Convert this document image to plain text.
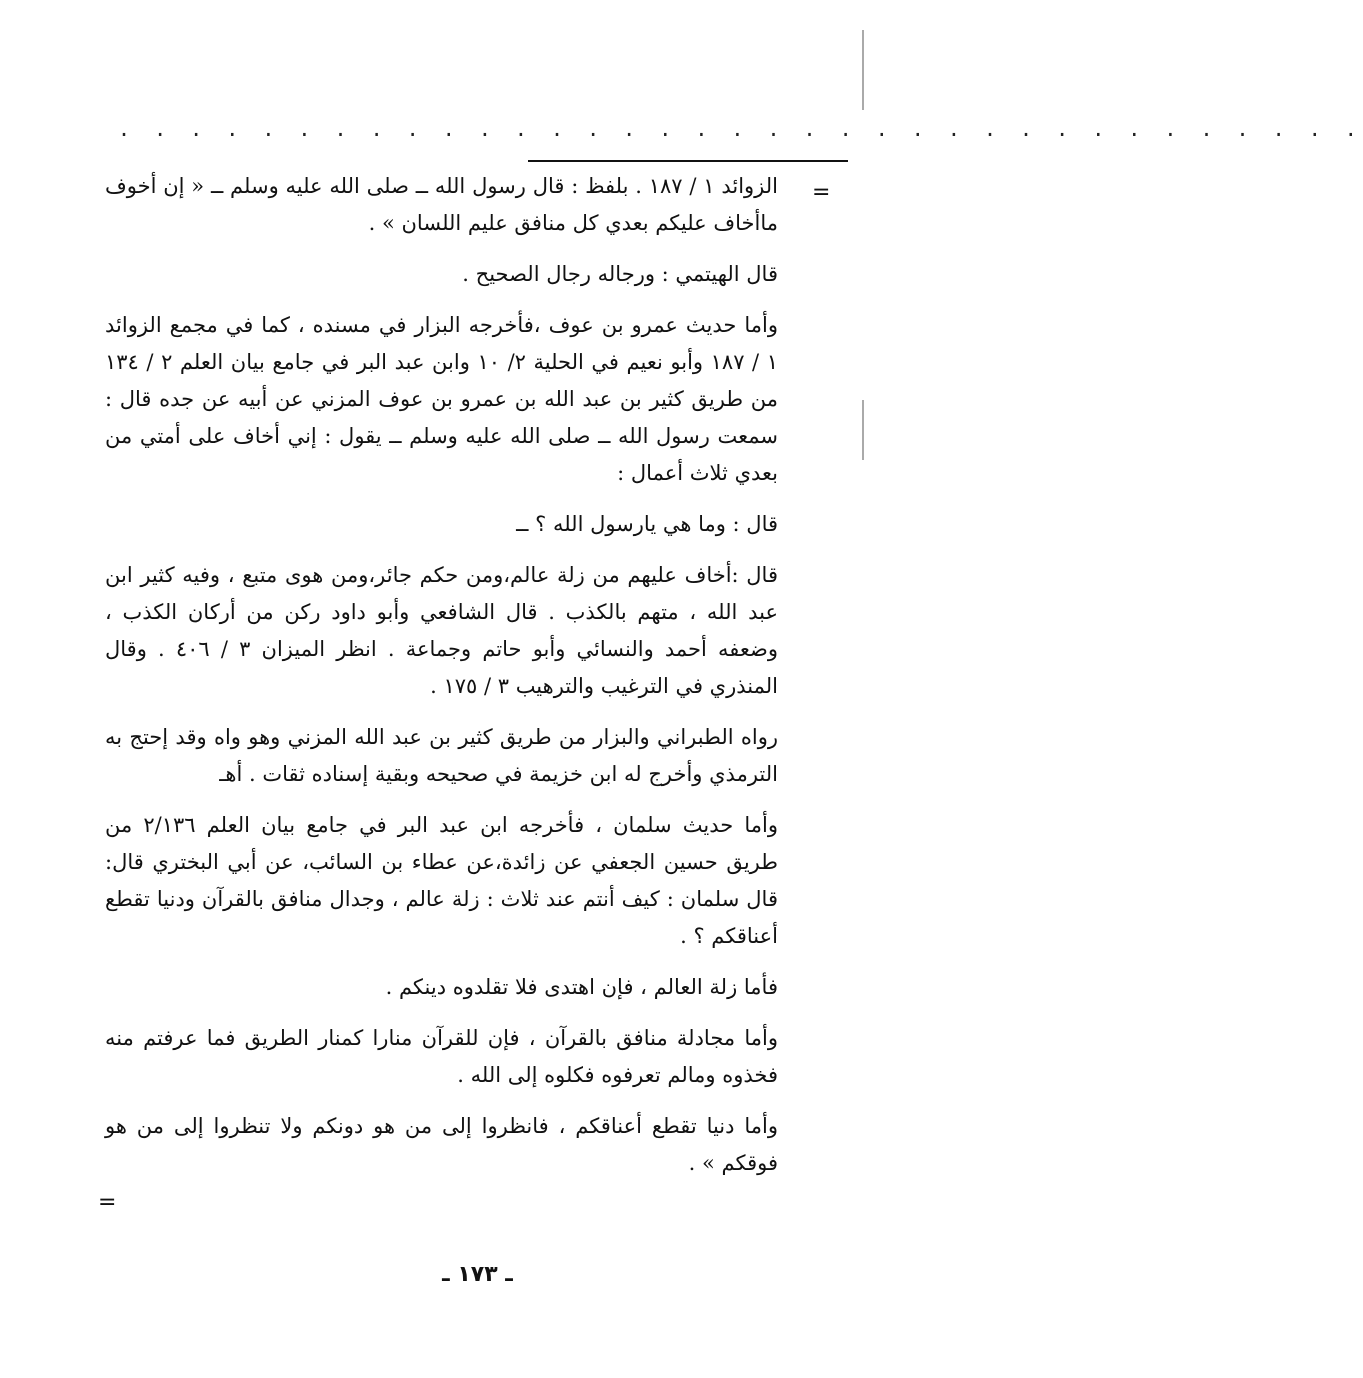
. . . . . . . . . . . . . . . . . . . . . . . . . . . . . . . . . . .
=

الزوائد ١ / ١٨٧ . بلفظ : قال رسول الله ــ صلى الله عليه وسلم ــ « إن أخوف ماأخاف عليكم بعدي كل منافق عليم اللسان » .

قال الهيتمي : ورجاله رجال الصحيح .

وأما حديث عمرو بن عوف ،فأخرجه البزار في مسنده ، كما في مجمع الزوائد ١ / ١٨٧ وأبو نعيم في الحلية ٢/ ١٠ وابن عبد البر في جامع بيان العلم ٢ / ١٣٤ من طريق كثير بن عبد الله بن عمرو بن عوف المزني عن أبيه عن جده قال : سمعت رسول الله ــ صلى الله عليه وسلم ــ يقول : إني أخاف على أمتي من بعدي ثلاث أعمال :

قال : وما هي يارسول الله ؟ ــ

قال :أخاف عليهم من زلة عالم،ومن حكم جائر،ومن هوى متبع ، وفيه كثير ابن عبد الله ، متهم بالكذب . قال الشافعي وأبو داود ركن من أركان الكذب ، وضعفه أحمد والنسائي وأبو حاتم وجماعة . انظر الميزان ٣ / ٤٠٦ . وقال المنذري في الترغيب والترهيب ٣ / ١٧٥ .

رواه الطبراني والبزار من طريق كثير بن عبد الله المزني وهو واه وقد إحتج به الترمذي وأخرج له ابن خزيمة في صحيحه وبقية إسناده ثقات . أهـ

وأما حديث سلمان ، فأخرجه ابن عبد البر في جامع بيان العلم ٢/١٣٦ من طريق حسين الجعفي عن زائدة،عن عطاء بن السائب، عن أبي البختري قال: قال سلمان : كيف أنتم عند ثلاث : زلة عالم ، وجدال منافق بالقرآن ودنيا تقطع أعناقكم ؟ .

فأما زلة العالم ، فإن اهتدى فلا تقلدوه دينكم .

وأما مجادلة منافق بالقرآن ، فإن للقرآن منارا كمنار الطريق فما عرفتم منه فخذوه ومالم تعرفوه فكلوه إلى الله .

وأما دنيا تقطع أعناقكم ، فانظروا إلى من هو دونكم ولا تنظروا إلى من هو فوقكم » .

=
ـ ١٧٣ ـ
